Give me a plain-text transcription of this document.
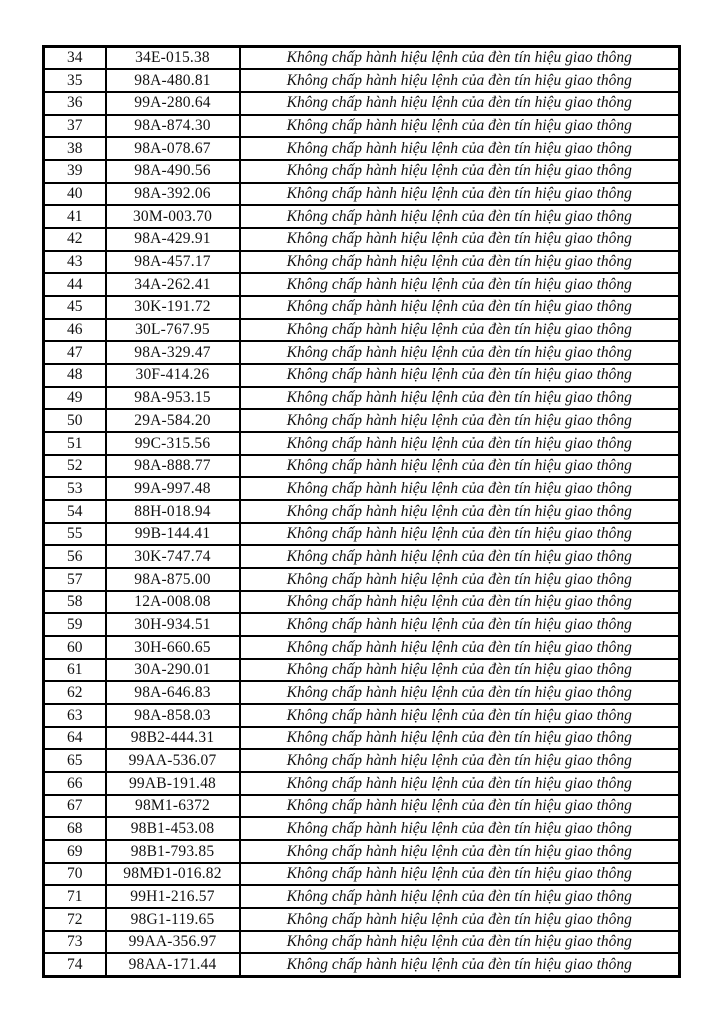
34	34E-015.38	Không chấp hành hiệu lệnh của đèn tín hiệu giao thông
35	98A-480.81	Không chấp hành hiệu lệnh của đèn tín hiệu giao thông
36	99A-280.64	Không chấp hành hiệu lệnh của đèn tín hiệu giao thông
37	98A-874.30	Không chấp hành hiệu lệnh của đèn tín hiệu giao thông
38	98A-078.67	Không chấp hành hiệu lệnh của đèn tín hiệu giao thông
39	98A-490.56	Không chấp hành hiệu lệnh của đèn tín hiệu giao thông
40	98A-392.06	Không chấp hành hiệu lệnh của đèn tín hiệu giao thông
41	30M-003.70	Không chấp hành hiệu lệnh của đèn tín hiệu giao thông
42	98A-429.91	Không chấp hành hiệu lệnh của đèn tín hiệu giao thông
43	98A-457.17	Không chấp hành hiệu lệnh của đèn tín hiệu giao thông
44	34A-262.41	Không chấp hành hiệu lệnh của đèn tín hiệu giao thông
45	30K-191.72	Không chấp hành hiệu lệnh của đèn tín hiệu giao thông
46	30L-767.95	Không chấp hành hiệu lệnh của đèn tín hiệu giao thông
47	98A-329.47	Không chấp hành hiệu lệnh của đèn tín hiệu giao thông
48	30F-414.26	Không chấp hành hiệu lệnh của đèn tín hiệu giao thông
49	98A-953.15	Không chấp hành hiệu lệnh của đèn tín hiệu giao thông
50	29A-584.20	Không chấp hành hiệu lệnh của đèn tín hiệu giao thông
51	99C-315.56	Không chấp hành hiệu lệnh của đèn tín hiệu giao thông
52	98A-888.77	Không chấp hành hiệu lệnh của đèn tín hiệu giao thông
53	99A-997.48	Không chấp hành hiệu lệnh của đèn tín hiệu giao thông
54	88H-018.94	Không chấp hành hiệu lệnh của đèn tín hiệu giao thông
55	99B-144.41	Không chấp hành hiệu lệnh của đèn tín hiệu giao thông
56	30K-747.74	Không chấp hành hiệu lệnh của đèn tín hiệu giao thông
57	98A-875.00	Không chấp hành hiệu lệnh của đèn tín hiệu giao thông
58	12A-008.08	Không chấp hành hiệu lệnh của đèn tín hiệu giao thông
59	30H-934.51	Không chấp hành hiệu lệnh của đèn tín hiệu giao thông
60	30H-660.65	Không chấp hành hiệu lệnh của đèn tín hiệu giao thông
61	30A-290.01	Không chấp hành hiệu lệnh của đèn tín hiệu giao thông
62	98A-646.83	Không chấp hành hiệu lệnh của đèn tín hiệu giao thông
63	98A-858.03	Không chấp hành hiệu lệnh của đèn tín hiệu giao thông
64	98B2-444.31	Không chấp hành hiệu lệnh của đèn tín hiệu giao thông
65	99AA-536.07	Không chấp hành hiệu lệnh của đèn tín hiệu giao thông
66	99AB-191.48	Không chấp hành hiệu lệnh của đèn tín hiệu giao thông
67	98M1-6372	Không chấp hành hiệu lệnh của đèn tín hiệu giao thông
68	98B1-453.08	Không chấp hành hiệu lệnh của đèn tín hiệu giao thông
69	98B1-793.85	Không chấp hành hiệu lệnh của đèn tín hiệu giao thông
70	98MĐ1-016.82	Không chấp hành hiệu lệnh của đèn tín hiệu giao thông
71	99H1-216.57	Không chấp hành hiệu lệnh của đèn tín hiệu giao thông
72	98G1-119.65	Không chấp hành hiệu lệnh của đèn tín hiệu giao thông
73	99AA-356.97	Không chấp hành hiệu lệnh của đèn tín hiệu giao thông
74	98AA-171.44	Không chấp hành hiệu lệnh của đèn tín hiệu giao thông
